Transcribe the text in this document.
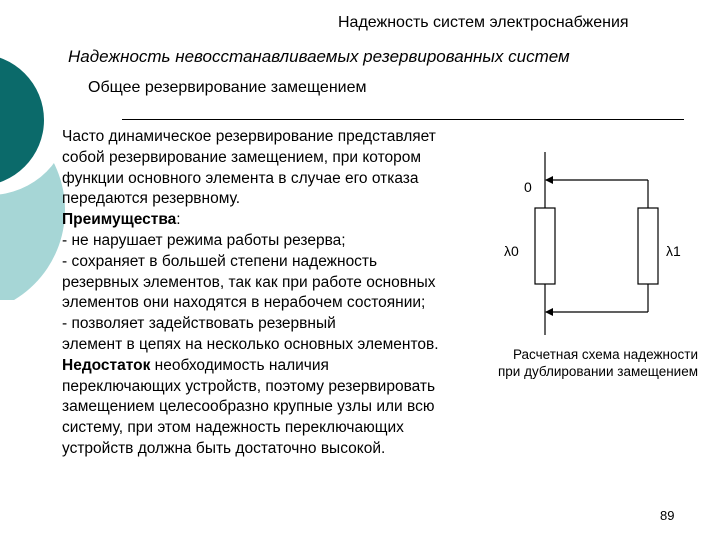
Надежность систем электроснабжения
Надежность невосстанавливаемых резервированных систем
Общее резервирование замещением

Часто динамическое резервирование представляет

собой резервирование замещением, при котором

функции основного элемента в случае его отказа

передаются резервному.

Преимущества:

- не нарушает режима работы резерва;

- сохраняет в большей степени надежность

резервных элементов, так как при работе основных

элементов они находятся в нерабочем состоянии;

- позволяет задействовать резервный

элемент в цепях на несколько основных элементов.

Недостаток необходимость наличия

переключающих устройств, поэтому резервировать

замещением целесообразно крупные узлы или всю

систему, при этом надежность переключающих

устройств должна быть достаточно высокой.

0
λ0	λ1

Расчетная схема надежности

при дублировании замещением

89
